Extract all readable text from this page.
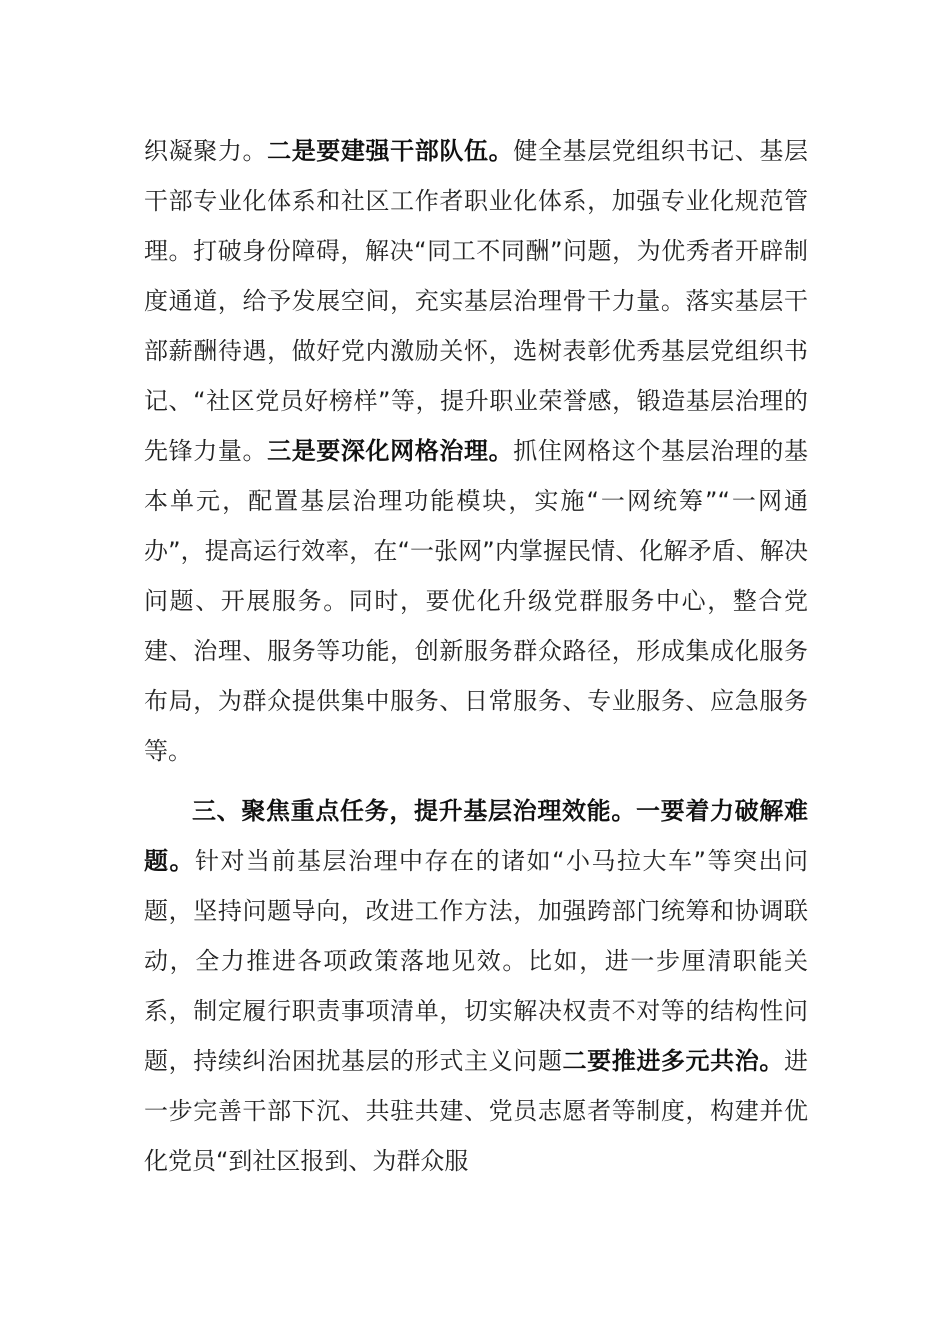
织凝聚力。二是要建强干部队伍。健全基层党组织书记、基层干部专业化体系和社区工作者职业化体系，加强专业化规范管理。打破身份障碍，解决“同工不同酬”问题，为优秀者开辟制度通道，给予发展空间，充实基层治理骨干力量。落实基层干部薪酬待遇，做好党内激励关怀，选树表彰优秀基层党组织书记、“社区党员好榜样”等，提升职业荣誉感，锻造基层治理的先锋力量。三是要深化网格治理。抓住网格这个基层治理的基本单元，配置基层治理功能模块，实施“一网统筹”“一网通办”，提高运行效率，在“一张网”内掌握民情、化解矛盾、解决问题、开展服务。同时，要优化升级党群服务中心，整合党建、治理、服务等功能，创新服务群众路径，形成集成化服务布局，为群众提供集中服务、日常服务、专业服务、应急服务等。

三、聚焦重点任务，提升基层治理效能。一要着力破解难题。针对当前基层治理中存在的诸如“小马拉大车”等突出问题，坚持问题导向，改进工作方法，加强跨部门统筹和协调联动，全力推进各项政策落地见效。比如，进一步厘清职能关系，制定履行职责事项清单，切实解决权责不对等的结构性问题，持续纠治困扰基层的形式主义问题二要推进多元共治。进一步完善干部下沉、共驻共建、党员志愿者等制度，构建并优化党员“到社区报到、为群众服
